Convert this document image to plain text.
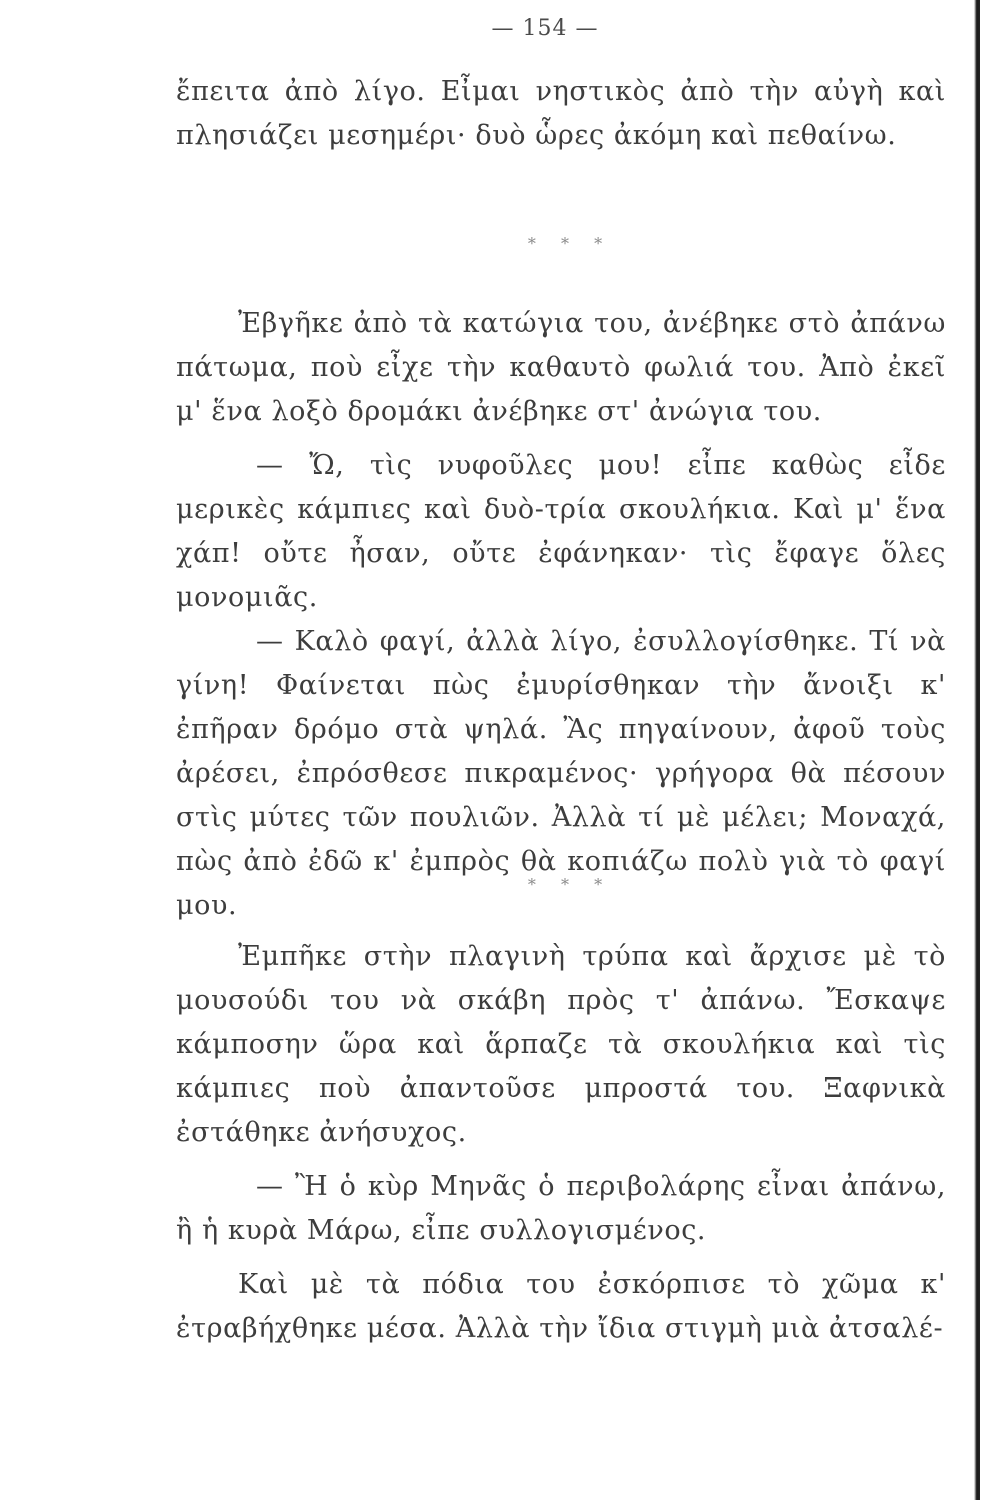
— 154 —

ἔπειτα ἀπὸ λίγο. Εἶμαι νηστικὸς ἀπὸ τὴν αὐγὴ καὶ πλησιάζει μεσημέρι· δυὸ ὧρες ἀκόμη καὶ πεθαίνω.

* * *

Ἐβγῆκε ἀπὸ τὰ κατώγια του, ἀνέβηκε στὸ ἀπάνω πάτωμα, ποὺ εἶχε τὴν καθαυτὸ φωλιά του. Ἀπὸ ἐκεῖ μ' ἕνα λοξὸ δρομάκι ἀνέβηκε στ' ἀνώγια του.

— Ὤ, τὶς νυφοῦλες μου! εἶπε καθὼς εἶδε μερικὲς κάμπιες καὶ δυὸ-τρία σκουλήκια. Καὶ μ' ἕνα χάπ! οὔτε ἦσαν, οὔτε ἐφάνηκαν· τὶς ἔφαγε ὅλες μονομιᾶς.

— Καλὸ φαγί, ἀλλὰ λίγο, ἐσυλλογίσθηκε. Τί νὰ γίνη! Φαίνεται πὼς ἐμυρίσθηκαν τὴν ἄνοιξι κ' ἐπῆραν δρόμο στὰ ψηλά. Ἂς πηγαίνουν, ἀφοῦ τοὺς ἀρέσει, ἐπρόσθεσε πικραμένος· γρήγορα θὰ πέσουν στὶς μύτες τῶν πουλιῶν. Ἀλλὰ τί μὲ μέλει; Μοναχά, πὼς ἀπὸ ἐδῶ κ' ἐμπρὸς θὰ κοπιάζω πολὺ γιὰ τὸ φαγί μου.

* * *

Ἐμπῆκε στὴν πλαγινὴ τρύπα καὶ ἄρχισε μὲ τὸ μουσούδι του νὰ σκάβη πρὸς τ' ἀπάνω. Ἔσκαψε κάμποσην ὥρα καὶ ἅρπαζε τὰ σκουλήκια καὶ τὶς κάμπιες ποὺ ἀπαντοῦσε μπροστά του. Ξαφνικὰ ἐστάθηκε ἀνήσυχος.

— Ἢ ὁ κὺρ Μηνᾶς ὁ περιβολάρης εἶναι ἀπάνω, ἢ ἡ κυρὰ Μάρω, εἶπε συλλογισμένος.

Καὶ μὲ τὰ πόδια του ἐσκόρπισε τὸ χῶμα κ' ἐτραβήχθηκε μέσα. Ἀλλὰ τὴν ἴδια στιγμὴ μιὰ ἀτσαλέ-
